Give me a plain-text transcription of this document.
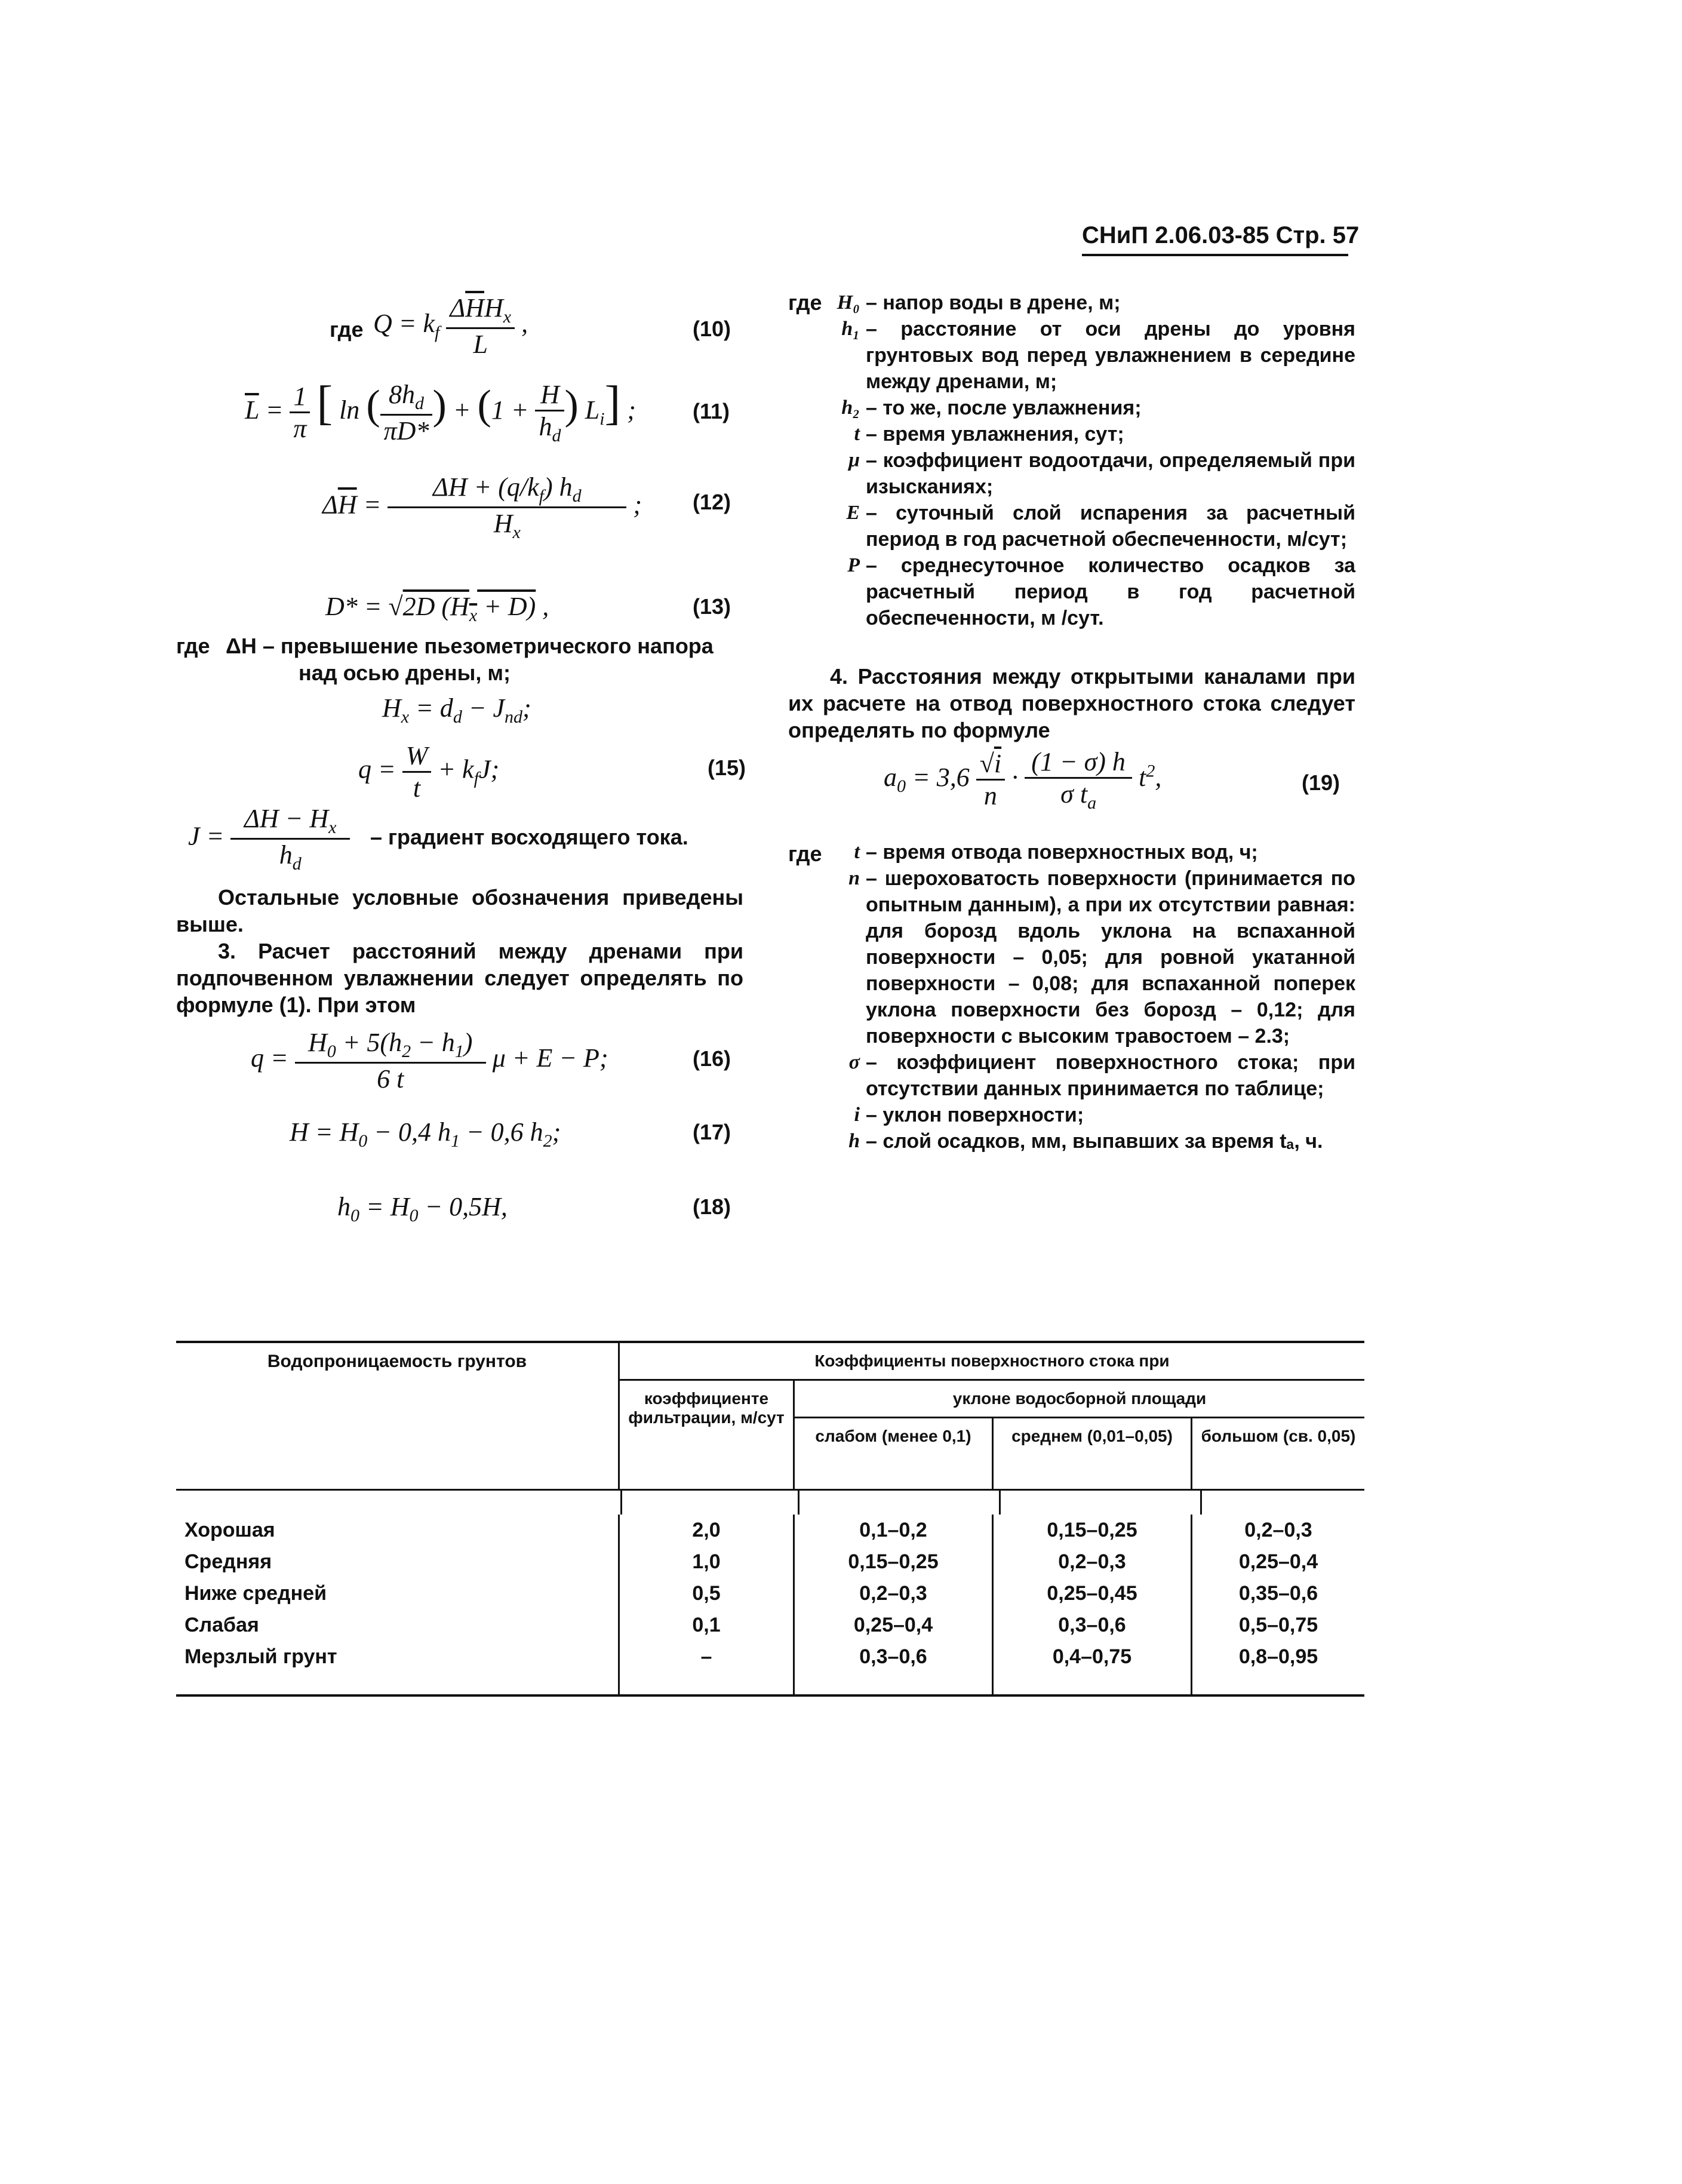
СНиП 2.06.03-85 Стр. 57
где $Q = k_f \frac{\Delta\overline{H}H_x}{L}$ ,	(10)
$\overline{L} = \frac{1}{\pi}$ [ ln ( $\frac{8h_d}{\pi D*}$ ) + ($1 + \frac{H}{h_d}$ ) $L_i$] ;	(11)
$\Delta\overline{H} = \frac{\Delta H + (q/k_f) h_d}{H_x}$ ; (12)
D* = √2D $(H_x + D)$ ,	(13)
где ΔH – превышение пьезометрического напора
над осью дрены, м;
$H_x = d_d - J_{nd}$;
$q = \frac{W}{t} + k_fJ$;	(15)
$J = \frac{\Delta H - H_x}{h_d}$ – градиент восходящего тока.
Остальные условные обозначения приведены выше.
3. Расчет расстояний между дренами при подпочвенном увлажнении следует определять по формуле (1). При этом
$q = \frac{H_0 + 5(h_2 - h_1)}{6 t}$ μ + E − P;	(16)
$H = H_0 - 0,4$ $h_1 - 0,6$ $h_2$;	(17)
$h_0 = H_0 - 0,5H$,	(18)
где H₀ – напор воды в дрене, м;
h₁ – расстояние от оси дрены до уровня грунтовых вод перед увлажнением в середине между дренами, м;
h₂ – то же, после увлажнения;
t – время увлажнения, сут;
μ – коэффициент водоотдачи, определяемый при изысканиях;
E – суточный слой испарения за расчетный период в год расчетной обеспеченности, м/сут;
P – среднесуточное количество осадков за расчетный период в год расчетной обеспеченности, м /сут.
4. Расстояния между открытыми каналами при их расчете на отвод поверхностного стока следует определять по формуле
$a_0 = 3,6 \frac{√i}{n} \cdot \frac{(1 - \sigma) h}{\sigma t_a} t^2$,	(19)
где	t – время отвода поверхностных вод, ч;
n – шероховатость поверхности (принимается по опытным данным), а при их отсутствии равная: для борозд вдоль уклона на вспаханной поверхности – 0,05; для ровной укатанной поверхности – 0,08; для вспаханной поперек уклона поверхности без борозд – 0,12; для поверхности с высоким травостоем – 2.3;
σ – коэффициент поверхностного стока; при отсутствии данных принимается по таблице;
i – уклон поверхности;
h – слой осадков, мм, выпавших за время tₐ, ч.
Водопроницаемость грунтов	Коэффициенты поверхностного стока при			
	коэффициенте фильтрации, м/сут	уклоне водосборной площади		
		слабом (менее 0,1)	среднем (0,01–0,05)	большом (св. 0,05)

Хорошая	2,0	0,1–0,2	0,15–0,25	0,2–0,3
Средняя	1,0	0,15–0,25	0,2–0,3	0,25–0,4
Ниже средней	0,5	0,2–0,3	0,25–0,45	0,35–0,6
Слабая	0,1	0,25–0,4	0,3–0,6	0,5–0,75
Мерзлый грунт	–	0,3–0,6	0,4–0,75	0,8–0,95
